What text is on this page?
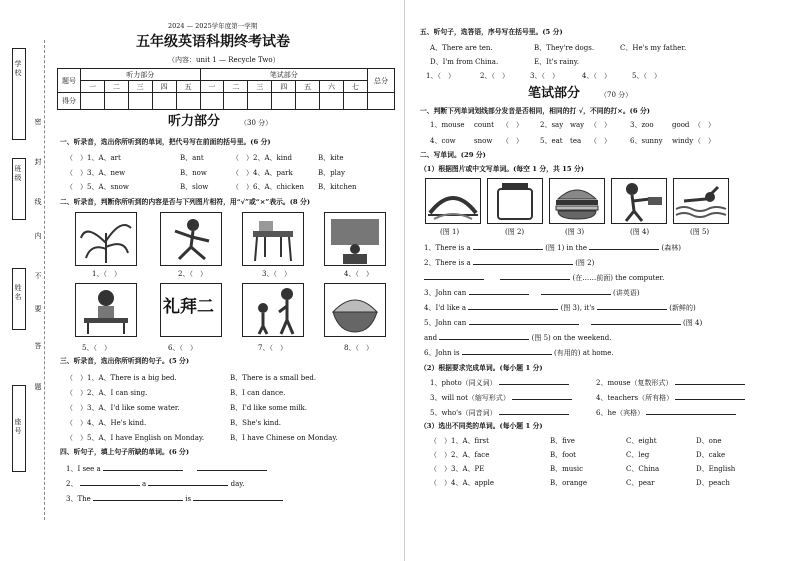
学校
班级
姓名
座号
密
封
线
内
不
要
答
题
2024 — 2025学年度第一学期
五年级英语科期终考试卷
（内容：unit 1 — Recycle Two）
题号	听力部分					笔试部分							总分
	一	二	三	四	五	一	二	三	四	五	六	七	
得分													
听力部分	（30 分）
一、听录音，选出你所听到的单词，把代号写在前面的括号里。(6 分)
（　）1、A、art	B、ant	（　）2、A、kind	B、kite
（　）3、A、new	B、now	（　）4、A、park	B、play
（　）5、A、snow	B、slow	（　）6、A、chicken B、kitchen
二、听录音，判断你所听到的内容是否与下列图片相符，用“√”或“×”表示。(8 分)
1、（　）	2、（　）	3、（　）	4、（　）
礼拜二
5、（　）	6、（　）	7、（　）	8、（　）
三、听录音，选出你所听到的句子。(5 分)
（　）1、A、There is a big bed.	B、There is a small bed.
（　）2、A、I can sing.	B、I can dance.
（　）3、A、I'd like some water.	B、I'd like some milk.
（　）4、A、He's kind.	B、She's kind.
（　）5、A、I have English on Monday.	B、I have Chinese on Monday.
四、听句子，填上句子所缺的单词。(6 分)
1、I see a
2、	a	day.
3、The	is
五、听句子，选答语，序号写在括号里。(5 分)
A、There are ten.	B、They're dogs.	C、He's my father.
D、I'm from China.	E、It's rainy.
1、（　）	2、（　）	3、（　）	4、（　）	5、（　）
笔试部分	（70 分）
一、判断下列单词划线部分发音是否相同，相同的打 √，不同的打×。(6 分)
1、mouse count （　） 2、say way （　）	3、zoo	good （　）
4、cow	snow （　） 5、eat tea （　）	6、sunny windy （　）
二、写单词。(29 分)
（1）根据图片或中文写单词。(每空 1 分，共 15 分)
(图 1)	(图 2)	(图 3)	(图 4)	(图 5)
1、There is a	(图 1) in the	(森林)
2、There is a	(图 2)
(在……前面) the computer.
3、John can	(讲英语)
4、I'd like a	(图 3), it's	(新鲜的)
5、John can	(图 4)
and	(图 5) on the weekend.
6、John is	(有用的) at home.
（2）根据要求完成单词。(每小题 1 分)
1、photo（同义词）	2、mouse（复数形式）
3、will not（缩写形式）	4、teachers（所有格）
5、who's（同音词）	6、he（宾格）
（3）选出不同类的单词。(每小题 1 分)
（　）1、A、first	B、five	C、eight	D、one
（　）2、A、face	B、foot	C、leg	D、cake
（　）3、A、PE	B、music	C、China	D、English
（　）4、A、apple	B、orange	C、pear	D、peach
